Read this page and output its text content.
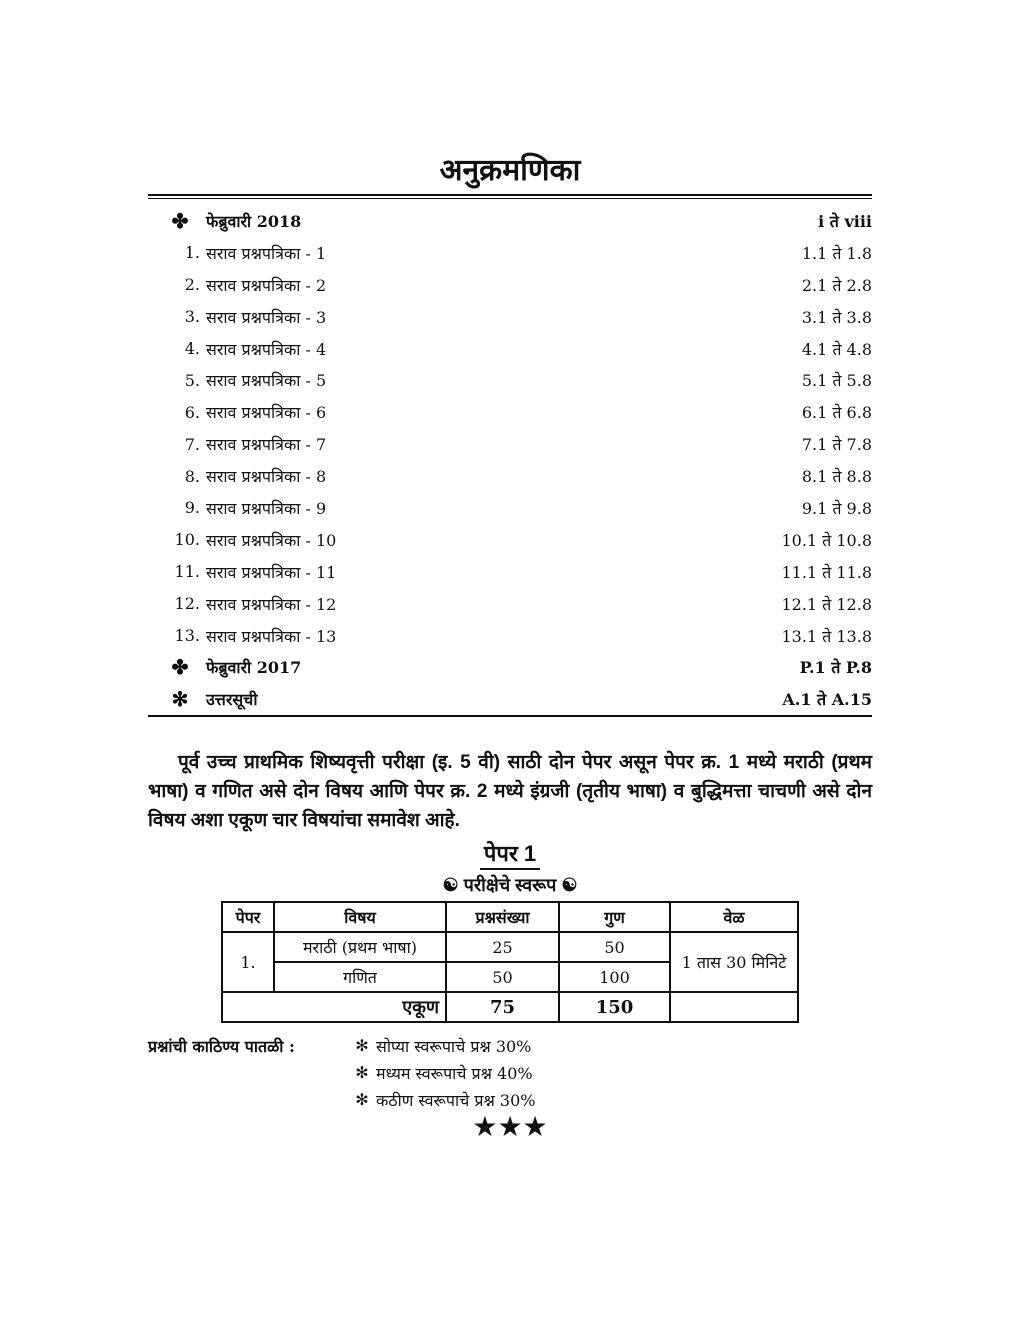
अनुक्रमणिका
✤	फेब्रुवारी 2018	i ते viii
1. सराव प्रश्नपत्रिका - 1	1.1 ते 1.8
2. सराव प्रश्नपत्रिका - 2	2.1 ते 2.8
3. सराव प्रश्नपत्रिका - 3	3.1 ते 3.8
4. सराव प्रश्नपत्रिका - 4	4.1 ते 4.8
5. सराव प्रश्नपत्रिका - 5	5.1 ते 5.8
6. सराव प्रश्नपत्रिका - 6	6.1 ते 6.8
7. सराव प्रश्नपत्रिका - 7	7.1 ते 7.8
8. सराव प्रश्नपत्रिका - 8	8.1 ते 8.8
9. सराव प्रश्नपत्रिका - 9	9.1 ते 9.8
10. सराव प्रश्नपत्रिका - 10	10.1 ते 10.8
11. सराव प्रश्नपत्रिका - 11	11.1 ते 11.8
12. सराव प्रश्नपत्रिका - 12	12.1 ते 12.8
13. सराव प्रश्नपत्रिका - 13	13.1 ते 13.8
✤	फेब्रुवारी 2017	P.1 ते P.8
✻	उत्तरसूची	A.1 ते A.15
पूर्व उच्च प्राथमिक शिष्यवृत्ती परीक्षा (इ. 5 वी) साठी दोन पेपर असून पेपर क्र. 1 मध्ये मराठी (प्रथम भाषा) व गणित असे दोन विषय आणि पेपर क्र. 2 मध्ये इंग्रजी (तृतीय भाषा) व बुद्धिमत्ता चाचणी असे दोन विषय अशा एकूण चार विषयांचा समावेश आहे.
पेपर 1
☯ परीक्षेचे स्वरूप ☯
पेपर	विषय	प्रश्नसंख्या	गुण	वेळ
1.	मराठी (प्रथम भाषा)	25	50	1 तास 30 मिनिटे
	गणित	50	100	
एकूण		75	150	
प्रश्नांची काठिण्य पातळी :	✻ सोप्या स्वरूपाचे प्रश्न 30%
✻ मध्यम स्वरूपाचे प्रश्न 40%
✻ कठीण स्वरूपाचे प्रश्न 30%
★★★
